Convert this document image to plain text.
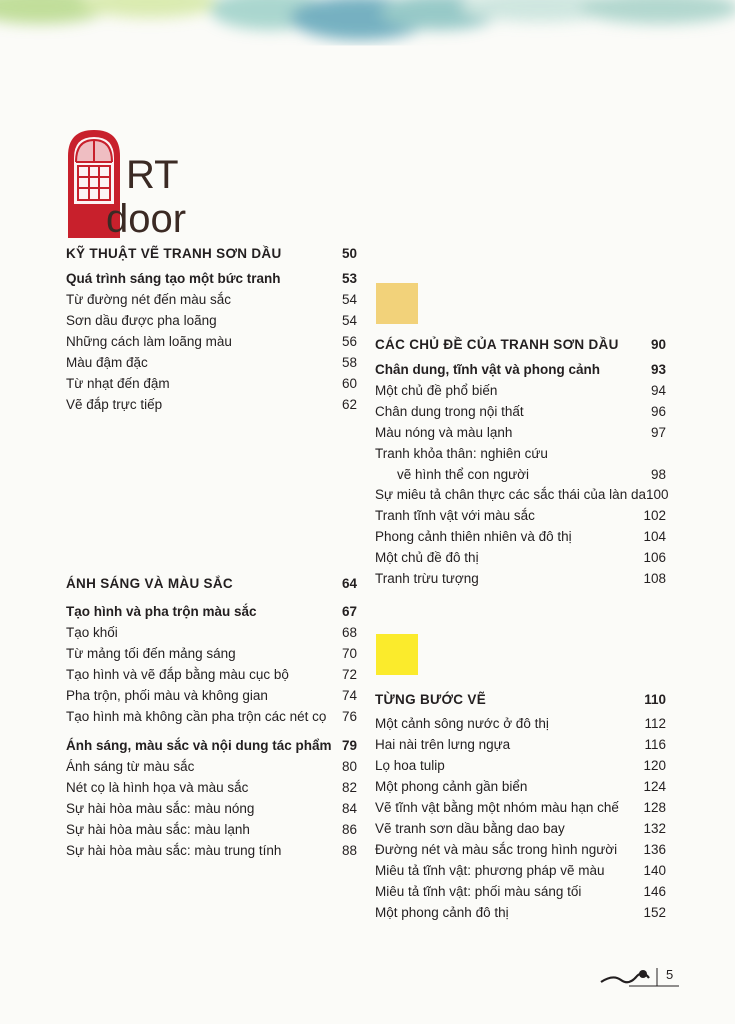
RT
door
KỸ THUẬT VẼ TRANH SƠN DẦU	50
Quá trình sáng tạo một bức tranh	53
Từ đường nét đến màu sắc	54
Sơn dầu được pha loãng	54
Những cách làm loãng màu	56
Màu đậm đặc	58
Từ nhạt đến đậm	60
Vẽ đắp trực tiếp	62
ÁNH SÁNG VÀ MÀU SẮC	64
Tạo hình và pha trộn màu sắc	67
Tạo khối	68
Từ mảng tối đến mảng sáng	70
Tạo hình và vẽ đắp bằng màu cục bộ	72
Pha trộn, phối màu và không gian	74
Tạo hình mà không cần pha trộn các nét cọ 76
Ánh sáng, màu sắc và nội dung tác phẩm 79
Ánh sáng từ màu sắc	80
Nét cọ là hình họa và màu sắc	82
Sự hài hòa màu sắc: màu nóng	84
Sự hài hòa màu sắc: màu lạnh	86
Sự hài hòa màu sắc: màu trung tính	88
CÁC CHỦ ĐỀ CỦA TRANH SƠN DẦU 90
Chân dung, tĩnh vật và phong cảnh	93
Một chủ đề phổ biến	94
Chân dung trong nội thất	96
Màu nóng và màu lạnh	97
Tranh khỏa thân: nghiên cứu
vẽ hình thể con người	98
Sự miêu tả chân thực các sắc thái của làn da 100
Tranh tĩnh vật với màu sắc	102
Phong cảnh thiên nhiên và đô thị	104
Một chủ đề đô thị	106
Tranh trừu tượng	108
TỪNG BƯỚC VẼ	110
Một cảnh sông nước ở đô thị	112
Hai nài trên lưng ngựa	116
Lọ hoa tulip	120
Một phong cảnh gần biển	124
Vẽ tĩnh vật bằng một nhóm màu hạn chế 128
Vẽ tranh sơn dầu bằng dao bay	132
Đường nét và màu sắc trong hình người 136
Miêu tả tĩnh vật: phương pháp vẽ màu	140
Miêu tả tĩnh vật: phối màu sáng tối	146
Một phong cảnh đô thị	152
5
